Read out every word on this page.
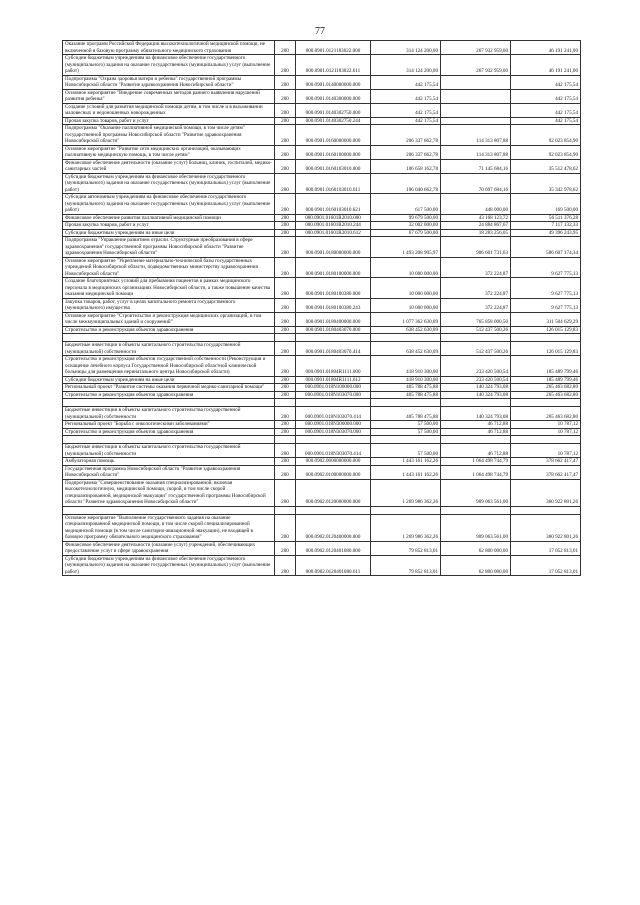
77
Оказание программ Российской Федерации высокотехнологичной медицинской помощи, не включенной в базовую программу обязательного медицинского страхования	200	000.0901.0121183022.000	314 124 200,00	267 932 959,00	46 191 241,00
Субсидии бюджетным учреждениям на финансовое обеспечение государственного (муниципального) задания на оказание государственных (муниципальных) услуг (выполнение работ)	200	000.0901.0121183022.611	314 124 200,00	267 932 959,00	46 191 241,00
Подпрограмма "Охрана здоровья матери и ребенка" государственной программы Новосибирской области "Развитие здравоохранения Новосибирской области"	200	000.0901.0140000000.000	442 175,54		442 175,54
Основное мероприятие "Внедрение современных методов раннего выявления нарушений развития ребенка"	200	000.0901.0140300000.000	442 175,54		442 175,54
Создание условий для развития медицинской помощи детям, в том числе и в выхаживании маловесных и недоношенных новорожденных	200	000.0901.0140302750.000	442 175,54		442 175,54
Прочая закупка товаров, работ и услуг	200	000.0901.0140302750.244	442 175,54		442 175,54
Подпрограмма "Оказание паллиативной медицинской помощи, в том числе детям" государственной программы Новосибирской области "Развитие здравоохранения Новосибирской области"	200	000.0901.0160000000.000	206 337 662,78	114 313 807,88	92 023 854,90
Основное мероприятие "Развитие сети медицинских организаций, оказывающих паллиативную медицинскую помощь, в том числе детям"	200	000.0901.0160100000.000	206 337 662,78	114 313 807,88	92 023 854,90
Финансовое обеспечение деятельности (оказание услуг) больниц, клиник, госпиталей, медико-санитарных частей	200	000.0901.0160103010.000	106 658 162,78	71 145 684,16	35 512 478,62
Субсидии бюджетным учреждениям на финансовое обеспечение государственного (муниципального) задания на оказание государственных (муниципальных) услуг (выполнение работ)	200	000.0901.0160103010.611	106 040 662,78	70 697 684,16	35 342 978,62
Субсидии автономным учреждениям на финансовое обеспечение государственного (муниципального) задания на оказание государственных (муниципальных) услуг (выполнение работ)	200	000.0901.0160103010.621	617 500,00	448 000,00	169 500,00
Финансовое обеспечение развития паллиативной медицинской помощи	200	000.0901.01601R2010.000	99 679 500,00	43 168 123,72	56 511 376,28
Прочая закупка товаров, работ и услуг	200	000.0901.01601R2010.244	32 002 000,00	24 884 867,67	7 117 132,33
Субсидии бюджетным учреждениям на иные цели	200	000.0901.01601R2010.612	67 679 500,00	18 283 256,05	49 396 243,95
Подпрограмма "Управление развитием отрасли. Структурные преобразования в сфере здравоохранения" государственной программы Новосибирской области "Развитие здравоохранения Новосибирской области"	200	000.0901.0180000000.000	1 493 208 905,97	906 601 731,63	586 607 174,34
Основное мероприятие "Укрепление материально-технической базы государственных учреждений Новосибирской области, подведомственных министерству здравоохранения Новосибирской области"	200	000.0901.0180100000.000	10 000 000,00	372 224,87	9 627 775,13
Создание благоприятных условий для пребывания пациентов в рамках медицинского персонала в медицинских организациях Новосибирской области, а также повышение качества оказания медицинской помощи	200	000.0901.0180100380.000	10 000 000,00	372 224,87	9 627 775,13
Закупка товаров, работ, услуг в целях капитального ремонта государственного (муниципального) имущества	200	000.0901.0180100380.243	10 000 000,00	372 224,87	9 627 775,13
Основное мероприятие "Строительство и реконструкция медицинских организаций, в том числе межмуниципальных зданий и сооружений"	200	000.0901.0180400000.000	1 077 362 630,09	765 858 000,50	311 504 629,29
Строительство и реконструкция объектов здравоохранения	200	000.0901.0180403070.000	638 452 630,09	512 437 500,26	126 015 129,83

Бюджетные инвестиции в объекты капитального строительства государственной (муниципальной) собственности	200	000.0901.0180403070.414	638 452 630,09	512 437 500,26	126 015 129,83
Строительство и реконструкция объектов государственной собственности (Реконструкция и оснащение лечебного корпуса Государственной Новосибирской областной клинической больницы для размещения перинатального центра Новосибирской области)	200	000.0901.01804R1111.000	418 910 300,00	233 420 500,54	185 489 799,46
Субсидии бюджетным учреждениям на иные цели	200	000.0901.01804R1111.612	418 910 300,00	233 420 500,54	185 489 799,46
Региональный проект "Развитие системы оказания первичной медико-санитарной помощи"	200	000.0901.018N100000.000	405 788 475,88	140 324 793,08	265 463 682,80
Строительство и реконструкция объектов здравоохранения	200	000.0901.018N103070.000	405 788 475,88	140 324 793,08	265 463 682,80

Бюджетные инвестиции в объекты капитального строительства государственной (муниципальной) собственности	200	000.0901.018N103070.414	405 788 475,88	140 324 793,08	265 463 682,80
Региональный проект "Борьба с онкологическими заболеваниями"	200	000.0901.018N300000.000	57 500,00	46 712,88	10 787,12
Строительство и реконструкция объектов здравоохранения	200	000.0901.018N303070.000	57 500,00	46 712,88	10 787,12

Бюджетные инвестиции в объекты капитального строительства государственной (муниципальной) собственности	200	000.0901.018N303070.414	57 500,00	46 712,88	10 787,12
Амбулаторная помощь	200	000.0902.0000000000.000	1 443 161 162,26	1 064 498 744,79	378 662 417,47
Государственная программа Новосибирской области "Развитие здравоохранения Новосибирской области"	200	000.0902.0100000000.000	1 443 161 162,26	1 064 498 744,79	378 662 417,47
Подпрограмма "Совершенствование оказания специализированной, включая высокотехнологичную, медицинской помощи, скорой, в том числе скорой специализированной, медицинской эвакуации" государственной программы Новосибирской области "Развитие здравоохранения Новосибирской области"	200	000.0902.0120000000.000	1 269 986 362,26	909 063 561,00	360 922 801,26

Основное мероприятие "Выполнение государственного задания на оказание специализированной медицинской помощи, в том числе скорой специализированной медицинской помощи (в том числе санитарно-авиационной эвакуации), не входящей в базовую программу обязательного медицинского страхования"	200	000.0902.0120400000.000	1 269 986 362,26	909 063 561,00	360 922 801,26
Финансовое обеспечение деятельности (оказание услуг) учреждений, обеспечивающих предоставление услуг в сфере здравоохранения	200	000.0902.0120401080.000	79 852 813,01	62 800 000,00	17 052 813,01
Субсидии бюджетным учреждениям на финансовое обеспечение государственного (муниципального) задания на оказание государственных (муниципальных) услуг (выполнение работ)	200	000.0902.0120401080.611	79 852 813,01	62 800 000,00	17 052 813,01
